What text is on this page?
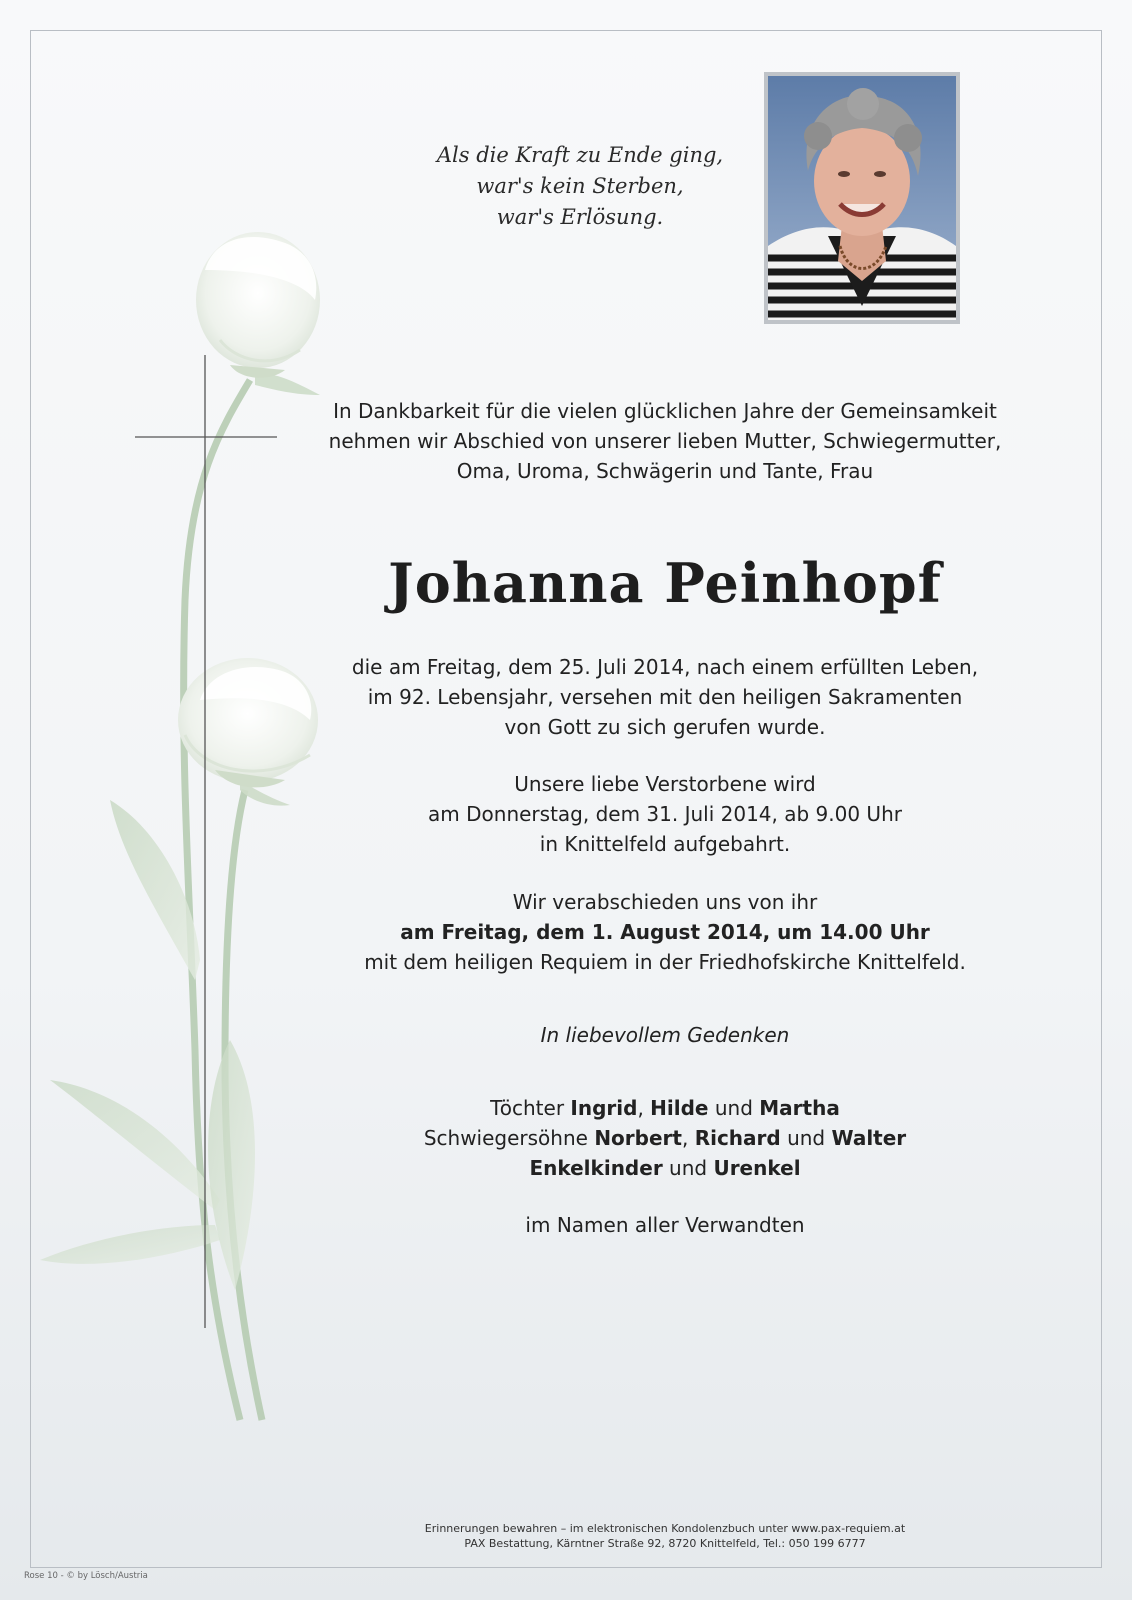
Als die Kraft zu Ende ging,
war's kein Sterben,
war's Erlösung.
In Dankbarkeit für die vielen glücklichen Jahre der Gemeinsamkeit
nehmen wir Abschied von unserer lieben Mutter, Schwiegermutter,
Oma, Uroma, Schwägerin und Tante, Frau
Johanna Peinhopf
die am Freitag, dem 25. Juli 2014, nach einem erfüllten Leben,
im 92. Lebensjahr, versehen mit den heiligen Sakramenten
von Gott zu sich gerufen wurde.
Unsere liebe Verstorbene wird
am Donnerstag, dem 31. Juli 2014, ab 9.00 Uhr
in Knittelfeld aufgebahrt.
Wir verabschieden uns von ihr
am Freitag, dem 1. August 2014, um 14.00 Uhr
mit dem heiligen Requiem in der Friedhofskirche Knittelfeld.
In liebevollem Gedenken
Töchter Ingrid, Hilde und Martha
Schwiegersöhne Norbert, Richard und Walter
Enkelkinder und Urenkel
im Namen aller Verwandten
Erinnerungen bewahren – im elektronischen Kondolenzbuch unter www.pax-requiem.at
PAX Bestattung, Kärntner Straße 92, 8720 Knittelfeld, Tel.: 050 199 6777
Rose 10 - © by Lösch/Austria
